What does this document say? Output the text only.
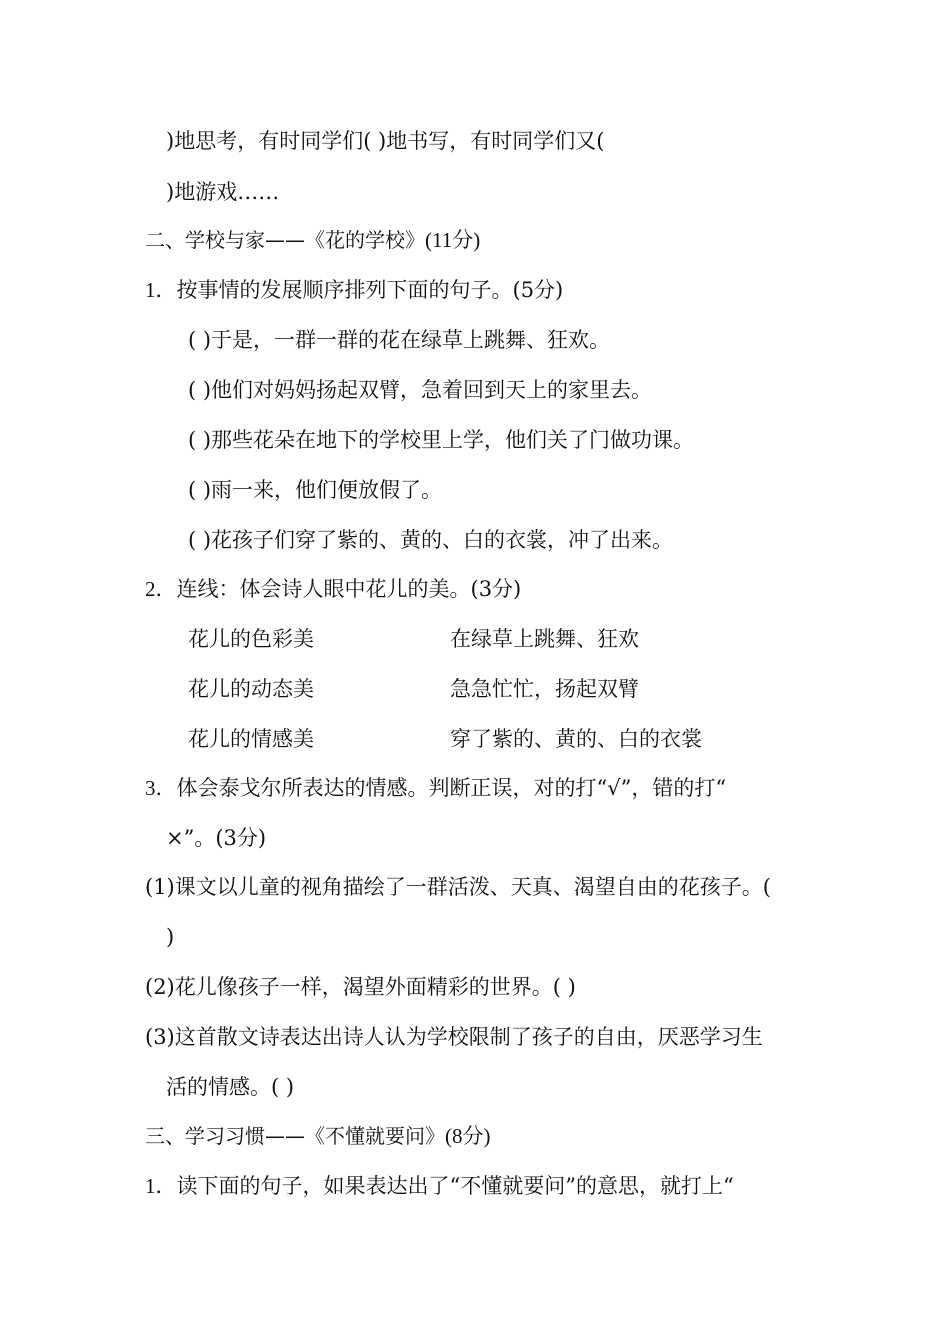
)地思考，有时同学们( )地书写，有时同学们又(
)地游戏……
二、学校与家——《花的学校》(11分)
1．按事情的发展顺序排列下面的句子。(5分)
( )于是，一群一群的花在绿草上跳舞、狂欢。
( )他们对妈妈扬起双臂，急着回到天上的家里去。
( )那些花朵在地下的学校里上学，他们关了门做功课。
( )雨一来，他们便放假了。
( )花孩子们穿了紫的、黄的、白的衣裳，冲了出来。
2．连线：体会诗人眼中花儿的美。(3分)
花儿的色彩美	在绿草上跳舞、狂欢
花儿的动态美	急急忙忙，扬起双臂
花儿的情感美	穿了紫的、黄的、白的衣裳
3．体会泰戈尔所表达的情感。判断正误，对的打“√”，错的打“
×”。(3分)
(1)课文以儿童的视角描绘了一群活泼、天真、渴望自由的花孩子。(
)
(2)花儿像孩子一样，渴望外面精彩的世界。( )
(3)这首散文诗表达出诗人认为学校限制了孩子的自由，厌恶学习生
活的情感。( )
三、学习习惯——《不懂就要问》(8分)
1．读下面的句子，如果表达出了“不懂就要问”的意思，就打上“
